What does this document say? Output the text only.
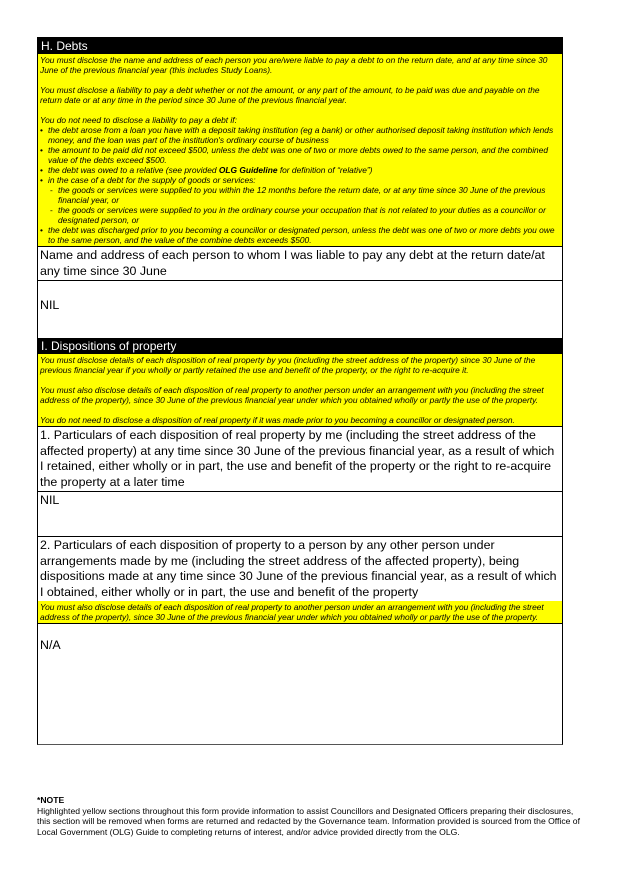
H. Debts

You must disclose the name and address of each person you are/were liable to pay a debt to on the return date, and at any time since 30 June of the previous financial year (this includes Study Loans).

You must disclose a liability to pay a debt whether or not the amount, or any part of the amount, to be paid was due and payable on the return date or at any time in the period since 30 June of the previous financial year.

You do not need to disclose a liability to pay a debt if:

• the debt arose from a loan you have with a deposit taking institution (eg a bank) or other authorised deposit taking institution which lends money, and the loan was part of the institution's ordinary course of business
• the amount to be paid did not exceed $500, unless the debt was one of two or more debts owed to the same person, and the combined value of the debts exceed $500.
• the debt was owed to a relative (see provided OLG Guideline for definition of “relative”)
• in the case of a debt for the supply of goods or services:
- the goods or services were supplied to you within the 12 months before the return date, or at any time since 30 June of the previous financial year, or
- the goods or services were supplied to you in the ordinary course your occupation that is not related to your duties as a councillor or designated person, or
• the debt was discharged prior to you becoming a councillor or designated person, unless the debt was one of two or more debts you owe to the same person, and the value of the combine debts exceeds $500.
Name and address of each person to whom I was liable to pay any debt at the return date/at any time since 30 June
NIL
I. Dispositions of property

You must disclose details of each disposition of real property by you (including the street address of the property) since 30 June of the previous financial year if you wholly or partly retained the use and benefit of the property, or the right to re-acquire it.

You must also disclose details of each disposition of real property to another person under an arrangement with you (including the street address of the property), since 30 June of the previous financial year under which you obtained wholly or partly the use of the property.

You do not need to disclose a disposition of real property if it was made prior to you becoming a councillor or designated person.

1. Particulars of each disposition of real property by me (including the street address of the affected property) at any time since 30 June of the previous financial year, as a result of which I retained, either wholly or in part, the use and benefit of the property or the right to re-acquire the property at a later time
NIL
2. Particulars of each disposition of property to a person by any other person under arrangements made by me (including the street address of the affected property), being dispositions made at any time since 30 June of the previous financial year, as a result of which I obtained, either wholly or in part, the use and benefit of the property
You must also disclose details of each disposition of real property to another person under an arrangement with you (including the street address of the property), since 30 June of the previous financial year under which you obtained wholly or partly the use of the property.
N/A
*NOTE
Highlighted yellow sections throughout this form provide information to assist Councillors and Designated Officers preparing their disclosures, this section will be removed when forms are returned and redacted by the Governance team. Information provided is sourced from the Office of Local Government (OLG) Guide to completing returns of interest, and/or advice provided directly from the OLG.
